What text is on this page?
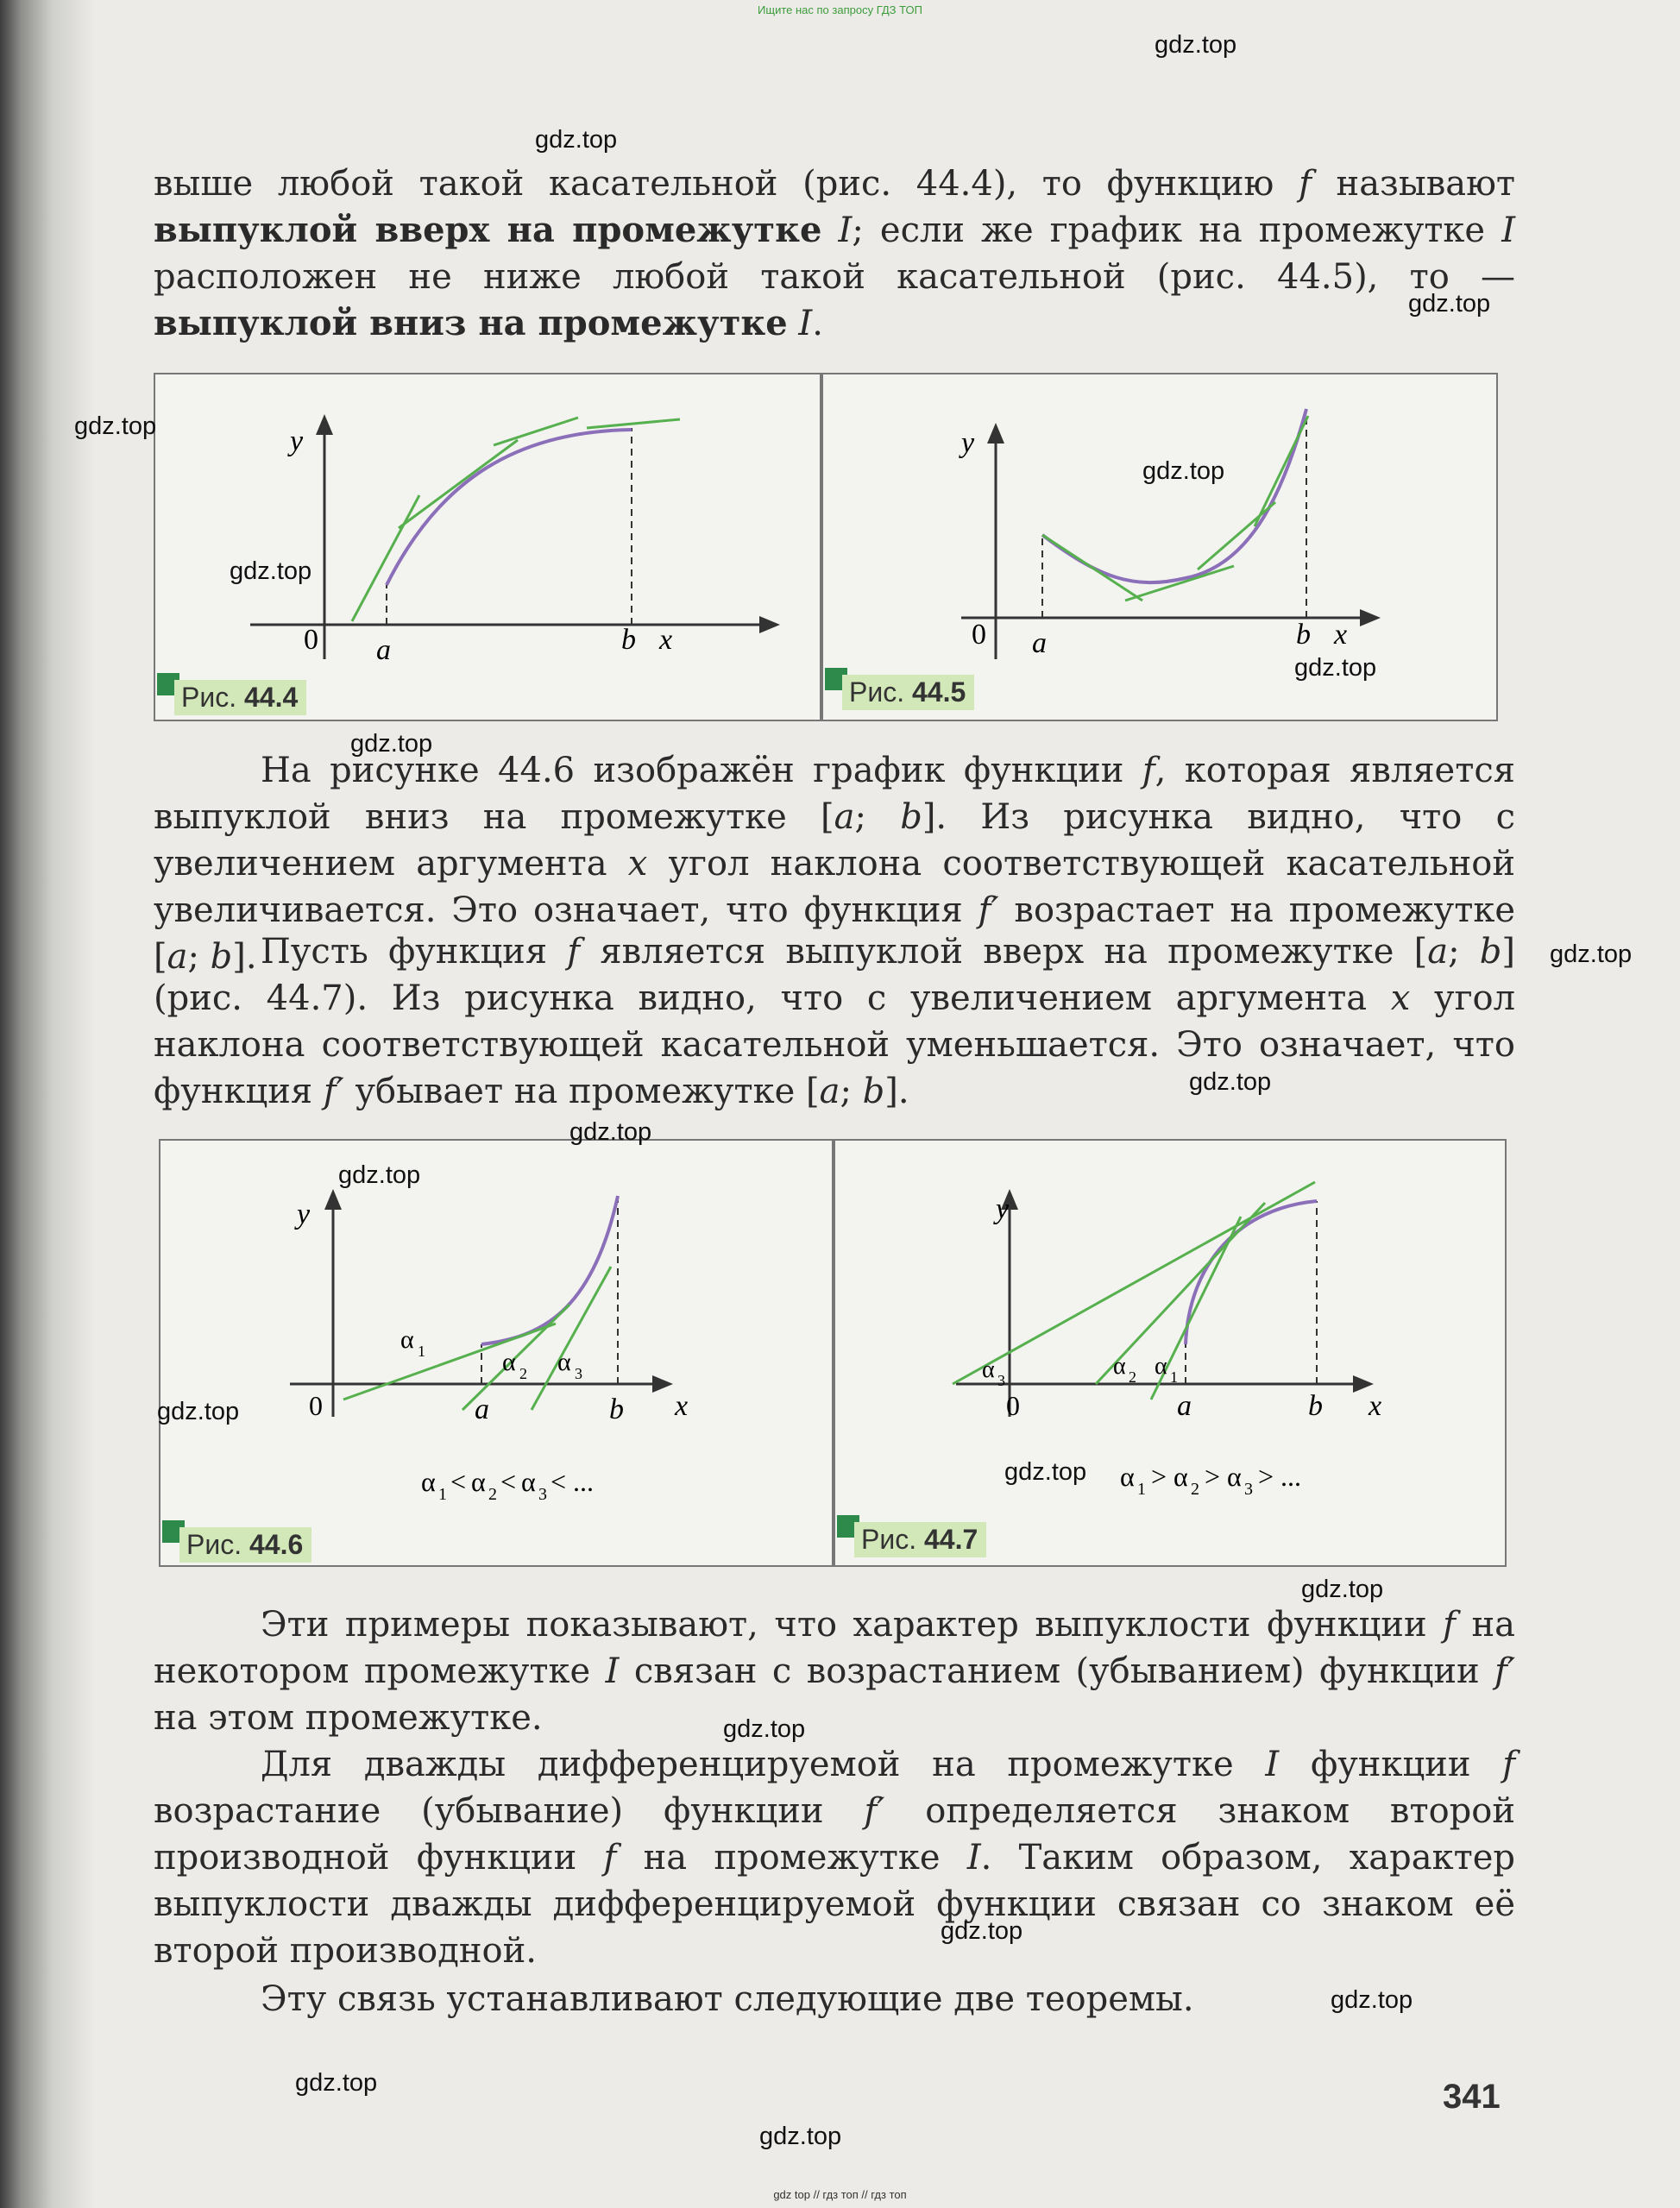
Ищите нас по запросу ГДЗ ТОП

выше любой такой касательной (рис. 44.4), то функцию f называют выпуклой вверх на промежутке I; если же график на промежутке I расположен не ниже любой такой касательной (рис. 44.5), то — выпуклой вниз на промежутке I.

y
0 a	b x
Рис. 44.4
y
0 a	b x
Рис. 44.5

На рисунке 44.6 изображён график функции f, которая является выпуклой вниз на промежутке [a; b]. Из рисунка видно, что с увеличением аргумента x угол наклона соответствующей касательной увеличивается. Это означает, что функция f′ возрастает на промежутке [a; b]. Пусть функция f является выпуклой вверх на промежутке [a; b] (рис. 44.7). Из рисунка видно, что с увеличением аргумента x угол наклона соответствующей касательной уменьшается. Это означает, что функция f′ убывает на промежутке [a; b].

y
0	a	b x
α 1	α 2 α 3
α 1 < α 2 < α 3 < ...
Рис. 44.6
y
0	a	b x
α 3
α 2 α 1
α 1 > α 2 > α 3 > ...
Рис. 44.7

Эти примеры показывают, что характер выпуклости функции f на некотором промежутке I связан с возрастанием (убыванием) функции f′ на этом промежутке.

Для дважды дифференцируемой на промежутке I функции f возрастание (убывание) функции f′ определяется знаком второй производной функции f на промежутке I. Таким образом, характер выпуклости дважды дифференцируемой функции связан со знаком её второй производной.

Эту связь устанавливают следующие две теоремы.

341
gdz.top
gdz.top
gdz.top
gdz.top
gdz.top
gdz.top
gdz.top
gdz.top
gdz.top
gdz.top
gdz.top
gdz.top
gdz.top
gdz.top
gdz.top
gdz.top
gdz.top
gdz.top
gdz.top
gdz.top
gdz top // гдз топ // гдз топ
